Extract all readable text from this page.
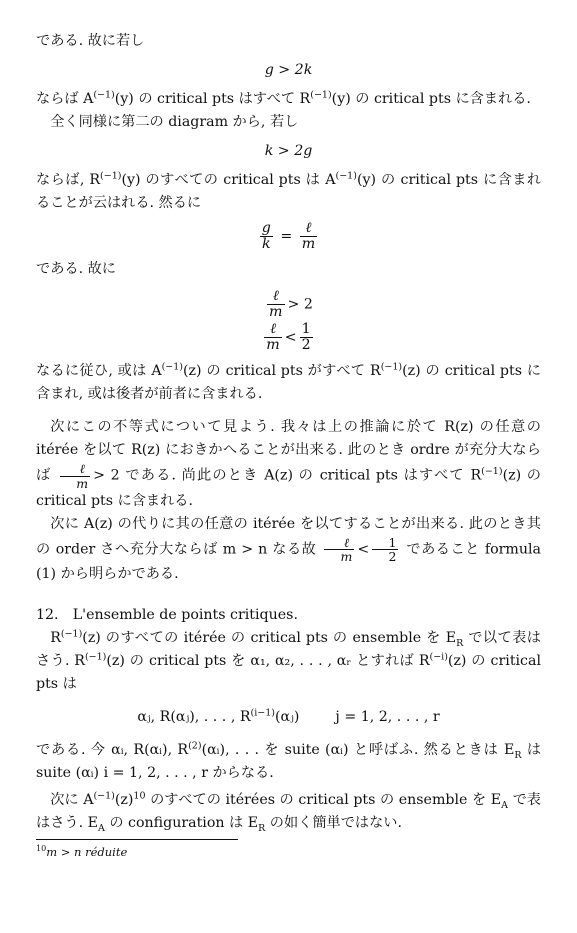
である. 故に若し

g > 2k

ならば $A^{(-1)}(y)$ の critical pts はすべて $R^{(-1)}(y)$ の critical pts に含まれる.

全く同様に第二の diagram から, 若し

k > 2g

ならば, $R^{(-1)}(y)$ のすべての critical pts は $A^{(-1)}(y)$ の critical pts に含まれることが云はれる. 然るに

$\frac{g}{k} = \frac{\text{ℓ}}{m}$

である. 故に

$\frac{\text{ℓ}}{m} > 2$
$\frac{\text{ℓ}}{m} < \frac{1}{2}$

なるに従ひ, 或は $A^{(-1)}(z)$ の critical pts がすべて $R^{(-1)}(z)$ の critical pts に含まれ, 或は後者が前者に含まれる.

次にこの不等式について見よう. 我々は上の推論に於て R(z) の任意の itérée を以て R(z) におきかへることが出来る. 此のとき ordre が充分大ならば $\frac{\text{ℓ}}{m} > 2$ である. 尚此のとき A(z) の critical pts はすべて $R^{(-1)}(z)$ の critical pts に含まれる.

次に A(z) の代りに其の任意の itérée を以てすることが出来る. 此のとき其の order さへ充分大ならば m > n なる故 $\frac{\text{ℓ}}{m} < \frac{1}{2}$ であること formula (1) から明らかである.

12.　L'ensemble de points critiques.

$R^{(-1)}(z)$ のすべての itérée の critical pts の ensemble を $E_R$ で以て表はさう. $R^{(-1)}(z)$ の critical pts を α₁, α₂, . . . , αᵣ とすれば $R^{(-i)}(z)$ の critical pts は

αⱼ, R(αⱼ), . . . , $R^{(i-1)}(\alpha ⱼ)$	j = 1, 2, . . . , r

である. 今 αᵢ, R(αᵢ), $R^{(2)}(\alpha ᵢ)$, . . . を suite (αᵢ) と呼ばふ. 然るときは $E_R$ は suite (αᵢ) i = 1, 2, . . . , r からなる.

次に $A^{(-1)}(z)^{10}$ のすべての itérées の critical pts の ensemble を $E_A$ で表はさう. $E_A$ の configuration は $E_R$ の如く簡単ではない.

$^{10}$m > n réduite
